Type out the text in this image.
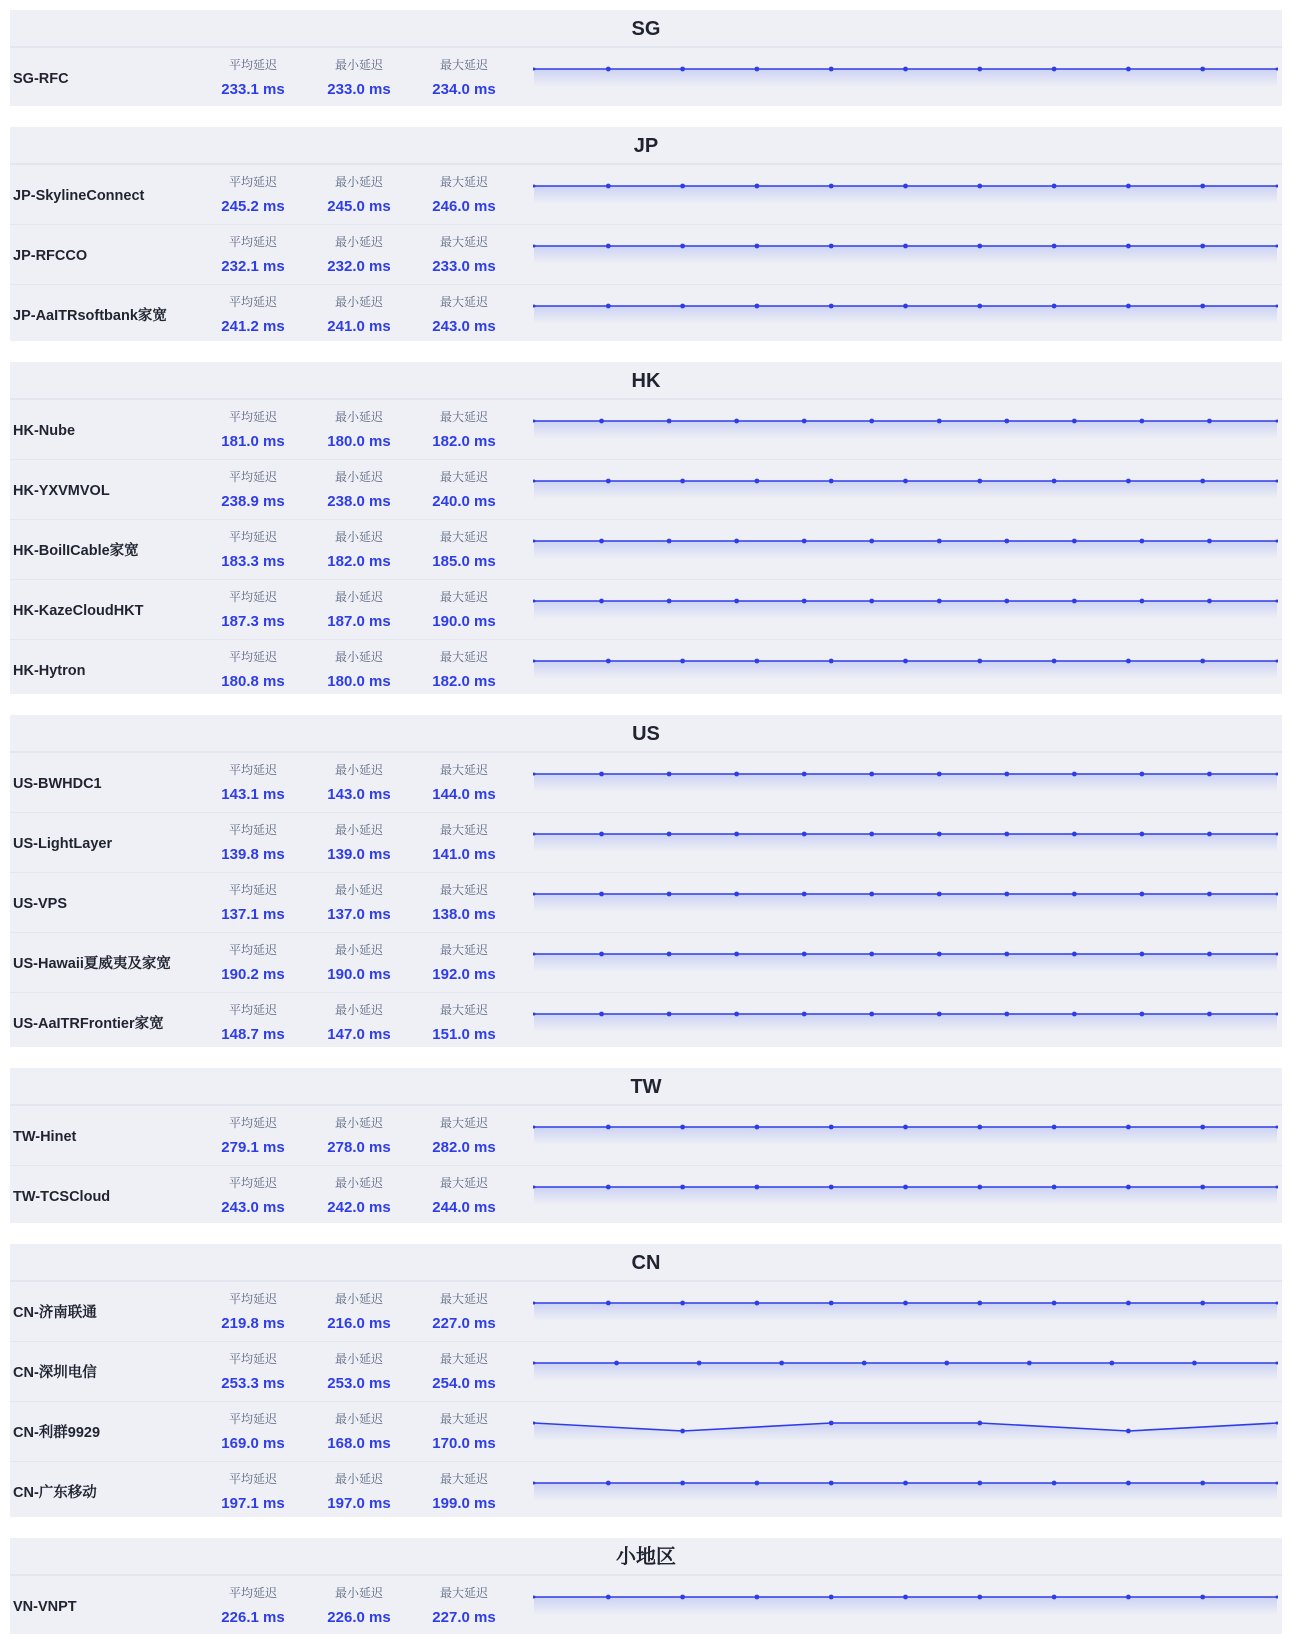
SG
SG-RFC
平均延迟
233.1 ms
最小延迟
233.0 ms
最大延迟
234.0 ms
JP
JP-SkylineConnect
平均延迟
245.2 ms
最小延迟
245.0 ms
最大延迟
246.0 ms
JP-RFCCO
平均延迟
232.1 ms
最小延迟
232.0 ms
最大延迟
233.0 ms
JP-AaITRsoftbank家宽
平均延迟
241.2 ms
最小延迟
241.0 ms
最大延迟
243.0 ms
HK
HK-Nube
平均延迟
181.0 ms
最小延迟
180.0 ms
最大延迟
182.0 ms
HK-YXVMVOL
平均延迟
238.9 ms
最小延迟
238.0 ms
最大延迟
240.0 ms
HK-BoilICable家宽
平均延迟
183.3 ms
最小延迟
182.0 ms
最大延迟
185.0 ms
HK-KazeCloudHKT
平均延迟
187.3 ms
最小延迟
187.0 ms
最大延迟
190.0 ms
HK-Hytron
平均延迟
180.8 ms
最小延迟
180.0 ms
最大延迟
182.0 ms
US
US-BWHDC1
平均延迟
143.1 ms
最小延迟
143.0 ms
最大延迟
144.0 ms
US-LightLayer
平均延迟
139.8 ms
最小延迟
139.0 ms
最大延迟
141.0 ms
US-VPS
平均延迟
137.1 ms
最小延迟
137.0 ms
最大延迟
138.0 ms
US-Hawaii夏威夷及家宽
平均延迟
190.2 ms
最小延迟
190.0 ms
最大延迟
192.0 ms
US-AaITRFrontier家宽
平均延迟
148.7 ms
最小延迟
147.0 ms
最大延迟
151.0 ms
TW
TW-Hinet
平均延迟
279.1 ms
最小延迟
278.0 ms
最大延迟
282.0 ms
TW-TCSCloud
平均延迟
243.0 ms
最小延迟
242.0 ms
最大延迟
244.0 ms
CN
CN-济南联通
平均延迟
219.8 ms
最小延迟
216.0 ms
最大延迟
227.0 ms
CN-深圳电信
平均延迟
253.3 ms
最小延迟
253.0 ms
最大延迟
254.0 ms
CN-利群9929
平均延迟
169.0 ms
最小延迟
168.0 ms
最大延迟
170.0 ms
CN-广东移动
平均延迟
197.1 ms
最小延迟
197.0 ms
最大延迟
199.0 ms
小地区
VN-VNPT
平均延迟
226.1 ms
最小延迟
226.0 ms
最大延迟
227.0 ms
